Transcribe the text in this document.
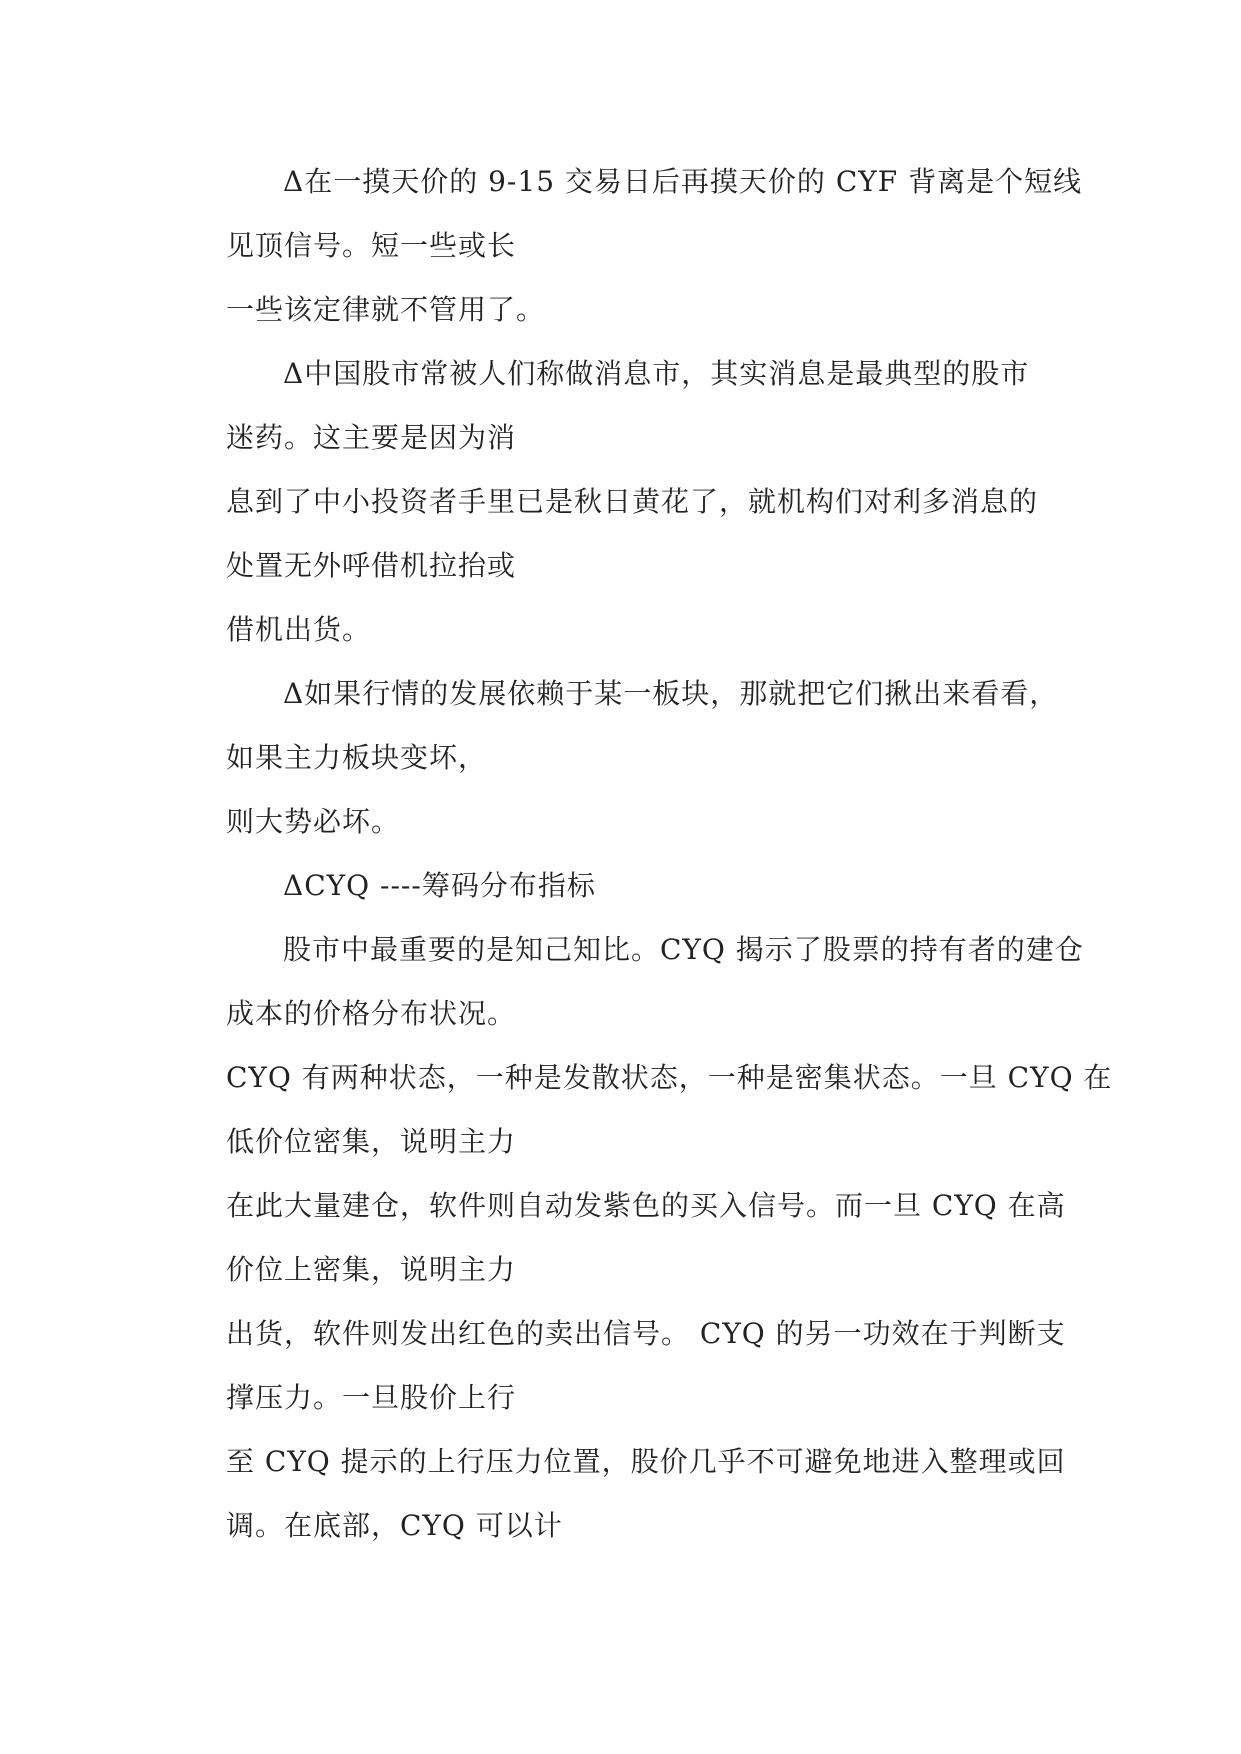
Δ在一摸天价的 9-15 交易日后再摸天价的 CYF 背离是个短线
见顶信号。短一些或长
一些该定律就不管用了。
Δ中国股市常被人们称做消息市，其实消息是最典型的股市
迷药。这主要是因为消
息到了中小投资者手里已是秋日黄花了，就机构们对利多消息的
处置无外呼借机拉抬或
借机出货。
Δ如果行情的发展依赖于某一板块，那就把它们揪出来看看，
如果主力板块变坏，
则大势必坏。
ΔCYQ ----筹码分布指标
股市中最重要的是知己知比。CYQ 揭示了股票的持有者的建仓
成本的价格分布状况。
CYQ 有两种状态，一种是发散状态，一种是密集状态。一旦 CYQ 在
低价位密集，说明主力
在此大量建仓，软件则自动发紫色的买入信号。而一旦 CYQ 在高
价位上密集，说明主力
出货，软件则发出红色的卖出信号。 CYQ 的另一功效在于判断支
撑压力。一旦股价上行
至 CYQ 提示的上行压力位置，股价几乎不可避免地进入整理或回
调。在底部，CYQ 可以计
